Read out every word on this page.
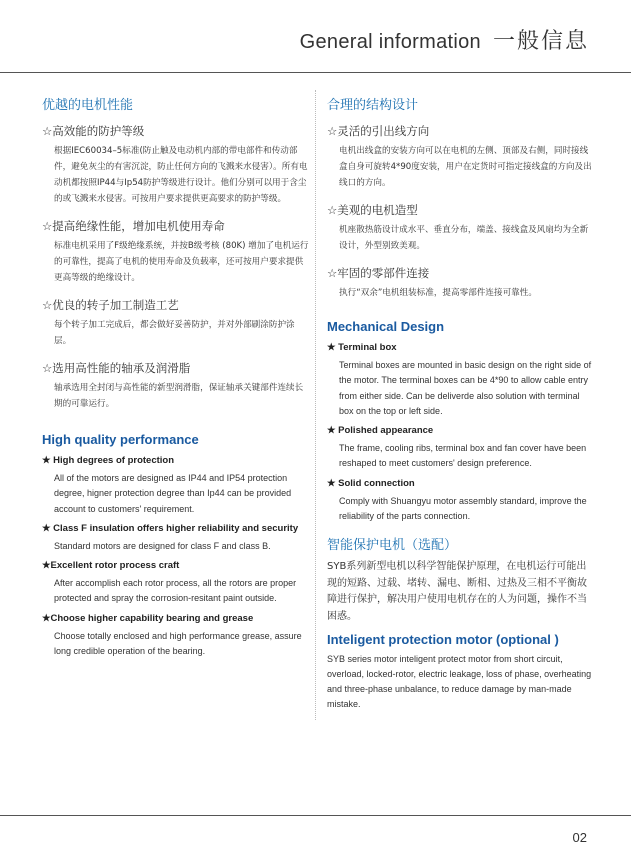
General information 一般信息
优越的电机性能
☆高效能的防护等级
根据IEC60034–5标准(防止触及电动机内部的带电部件和传动部件，避免灰尘的有害沉淀，防止任何方向的飞溅来水侵害）。所有电动机都按照IP44与Ip54防护等级进行设计。他们分别可以用于含尘的或飞溅来水侵害。可按用户要求提供更高要求的防护等级。
☆提高绝缘性能，增加电机使用寿命
标准电机采用了F级绝缘系统，并按B级考核 (80K) 增加了电机运行的可靠性，提高了电机的使用寿命及负载率，还可按用户要求提供更高等级的绝缘设计。
☆优良的转子加工制造工艺
每个转子加工完成后，都会做好妥善防护，并对外部刷涂防护涂层。
☆选用高性能的轴承及润滑脂
轴承选用全封闭与高性能的新型润滑脂，保证轴承关键部件连续长期的可靠运行。
High quality performance
★ High degrees of protection
All of the motors are designed as IP44 and IP54 protection degree, higner protection degree than Ip44 can be provided account to customers' requirement.
★ Class F insulation offers higher reliability and security
Standard motors are designed for class F and class B.
★Excellent rotor process craft
After accomplish each rotor process, all the rotors are proper protected and spray the corrosion-resitant paint outside.
★Choose higher capability bearing and grease
Choose totally enclosed and high performance grease, assure long credible operation of the bearing.
合理的结构设计
☆灵活的引出线方向
电机出线盒的安装方向可以在电机的左侧、顶部及右侧，同时接线盒自身可旋转4*90度安装，用户在定货时可指定接线盒的方向及出线口的方向。
☆美观的电机造型
机座散热筋设计成水平、垂直分布，端盖、接线盒及风扇均为全新设计，外型别致美观。
☆牢固的零部件连接
执行“双余”电机组装标准，提高零部件连接可靠性。
Mechanical Design
★ Terminal box
Terminal boxes are mounted in basic design on the right side of the motor. The terminal boxes can be 4*90 to allow cable entry from either side. Can be deliverde also solution with terminal box on the top or left side.
★ Polished appearance
The frame, cooling ribs, terminal box and fan cover have been reshaped to meet customers' design preference.
★ Solid connection
Comply with Shuangyu motor assembly standard, improve the reliability of the parts connection.
智能保护电机（选配）
SYB系列新型电机以科学智能保护原理，在电机运行可能出现的短路、过载、堵转、漏电、断相、过热及三相不平衡故障进行保护，解决用户使用电机存在的人为问题，操作不当困惑。
Inteligent protection motor (optional )
SYB series motor inteligent protect motor from short circuit, overload, locked-rotor, electric leakage, loss of phase, overheating and three-phase unbalance, to reduce damage by man-made mistake.
02
